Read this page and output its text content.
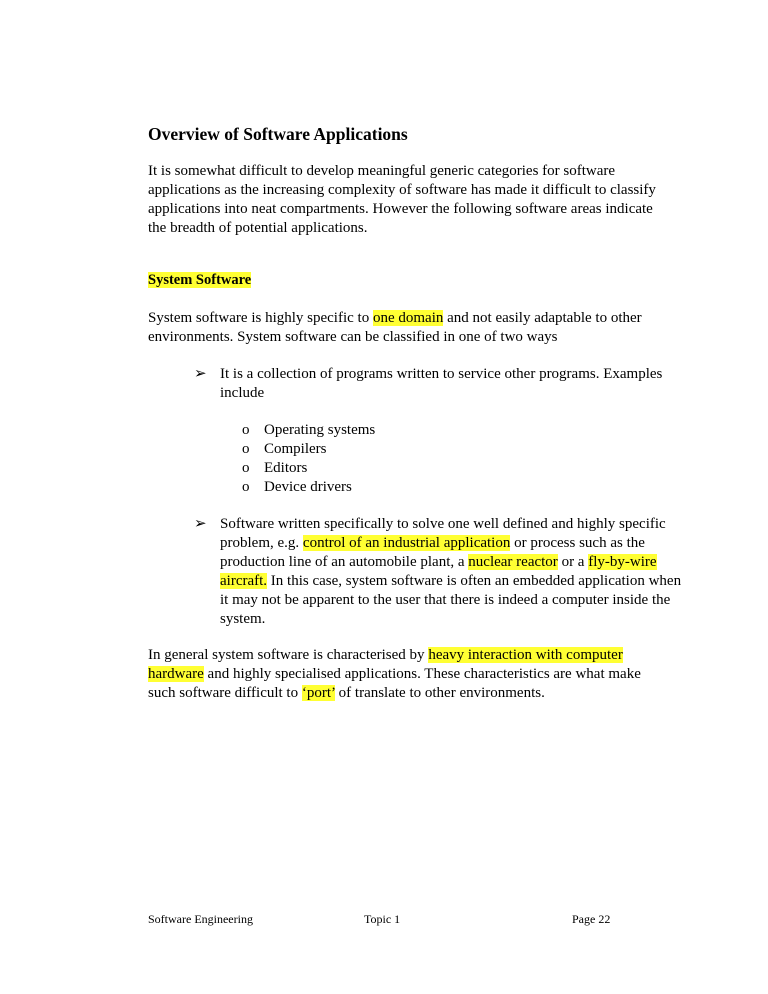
Overview of Software Applications

It is somewhat difficult to develop meaningful generic categories for software

applications as the increasing complexity of software has made it difficult to classify

applications into neat compartments. However the following software areas indicate

the breadth of potential applications.

System Software

System software is highly specific to one domain and not easily adaptable to other

environments. System software can be classified in one of two ways

➢ It is a collection of programs written to service other programs. Examples

include

o Operating systems
o Compilers
o Editors
o Device drivers
➢ Software written specifically to solve one well defined and highly specific

problem, e.g. control of an industrial application or process such as the

production line of an automobile plant, a nuclear reactor or a fly-by-wire

aircraft. In this case, system software is often an embedded application when

it may not be apparent to the user that there is indeed a computer inside the

system.

In general system software is characterised by heavy interaction with computer

hardware and highly specialised applications. These characteristics are what make

such software difficult to ‘port’ of translate to other environments.

Software Engineering	Topic 1	Page 22
